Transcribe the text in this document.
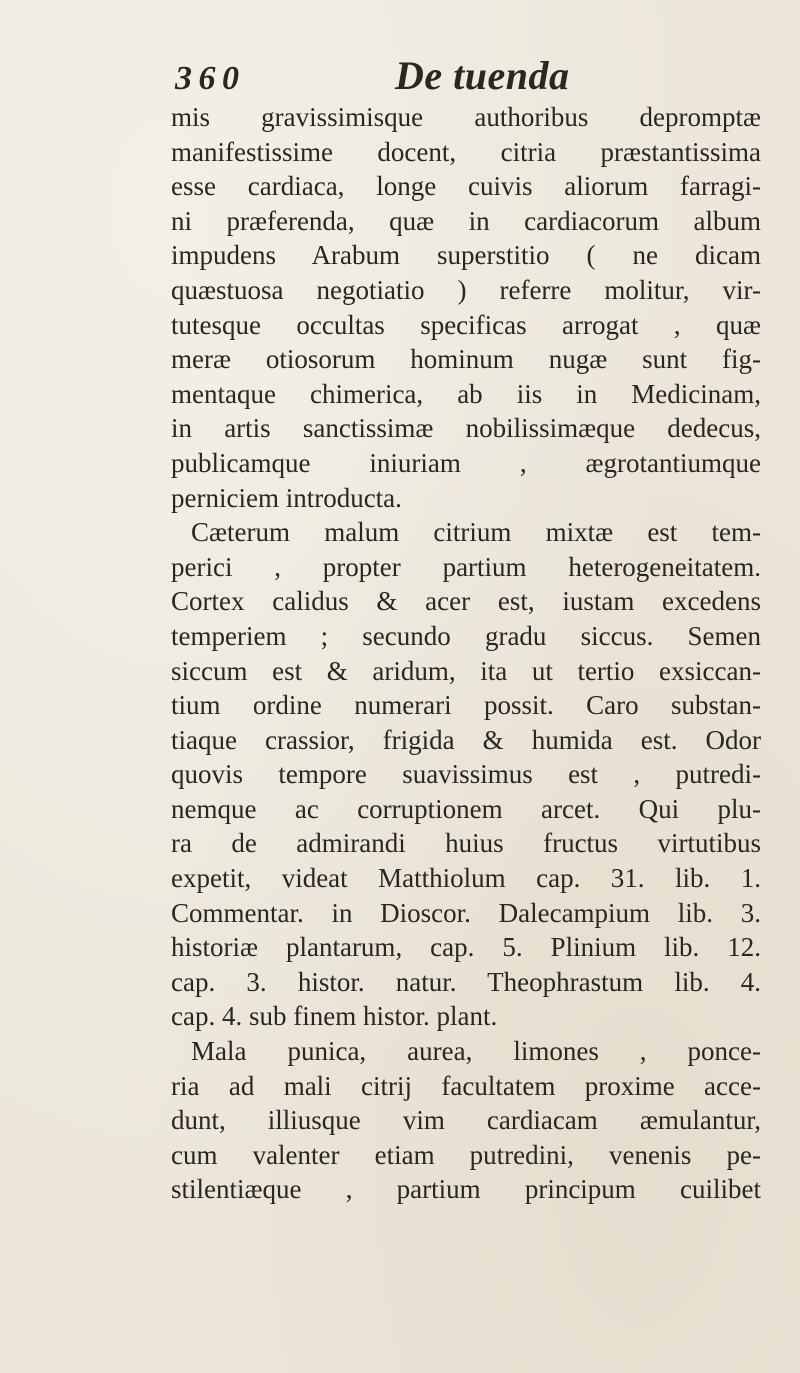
3 6 0	De tuenda
mis gravissimisque authoribus depromptæ
manifestissime docent, citria præstantissima
esse cardiaca, longe cuivis aliorum farragi-
ni præferenda, quæ in cardiacorum album
impudens Arabum superstitio ( ne dicam
quæstuosa negotiatio ) referre molitur, vir-
tutesque occultas specificas arrogat , quæ
meræ otiosorum hominum nugæ sunt fig-
mentaque chimerica, ab iis in Medicinam,
in artis sanctissimæ nobilissimæque dedecus,
publicamque iniuriam , ægrotantiumque
perniciem introducta.
Cæterum malum citrium mixtæ est tem-
perici , propter partium heterogeneitatem.
Cortex calidus & acer est, iustam excedens
temperiem ; secundo gradu siccus. Semen
siccum est & aridum, ita ut tertio exsiccan-
tium ordine numerari possit. Caro substan-
tiaque crassior, frigida & humida est. Odor
quovis tempore suavissimus est , putredi-
nemque ac corruptionem arcet. Qui plu-
ra de admirandi huius fructus virtutibus
expetit, videat Matthiolum cap. 31. lib. 1.
Commentar. in Dioscor. Dalecampium lib. 3.
historiæ plantarum, cap. 5. Plinium lib. 12.
cap. 3. histor. natur. Theophrastum lib. 4.
cap. 4. sub finem histor. plant.
Mala punica, aurea, limones , ponce-
ria ad mali citrij facultatem proxime acce-
dunt, illiusque vim cardiacam æmulantur,
cum valenter etiam putredini, venenis pe-
stilentiæque , partium principum cuilibet
